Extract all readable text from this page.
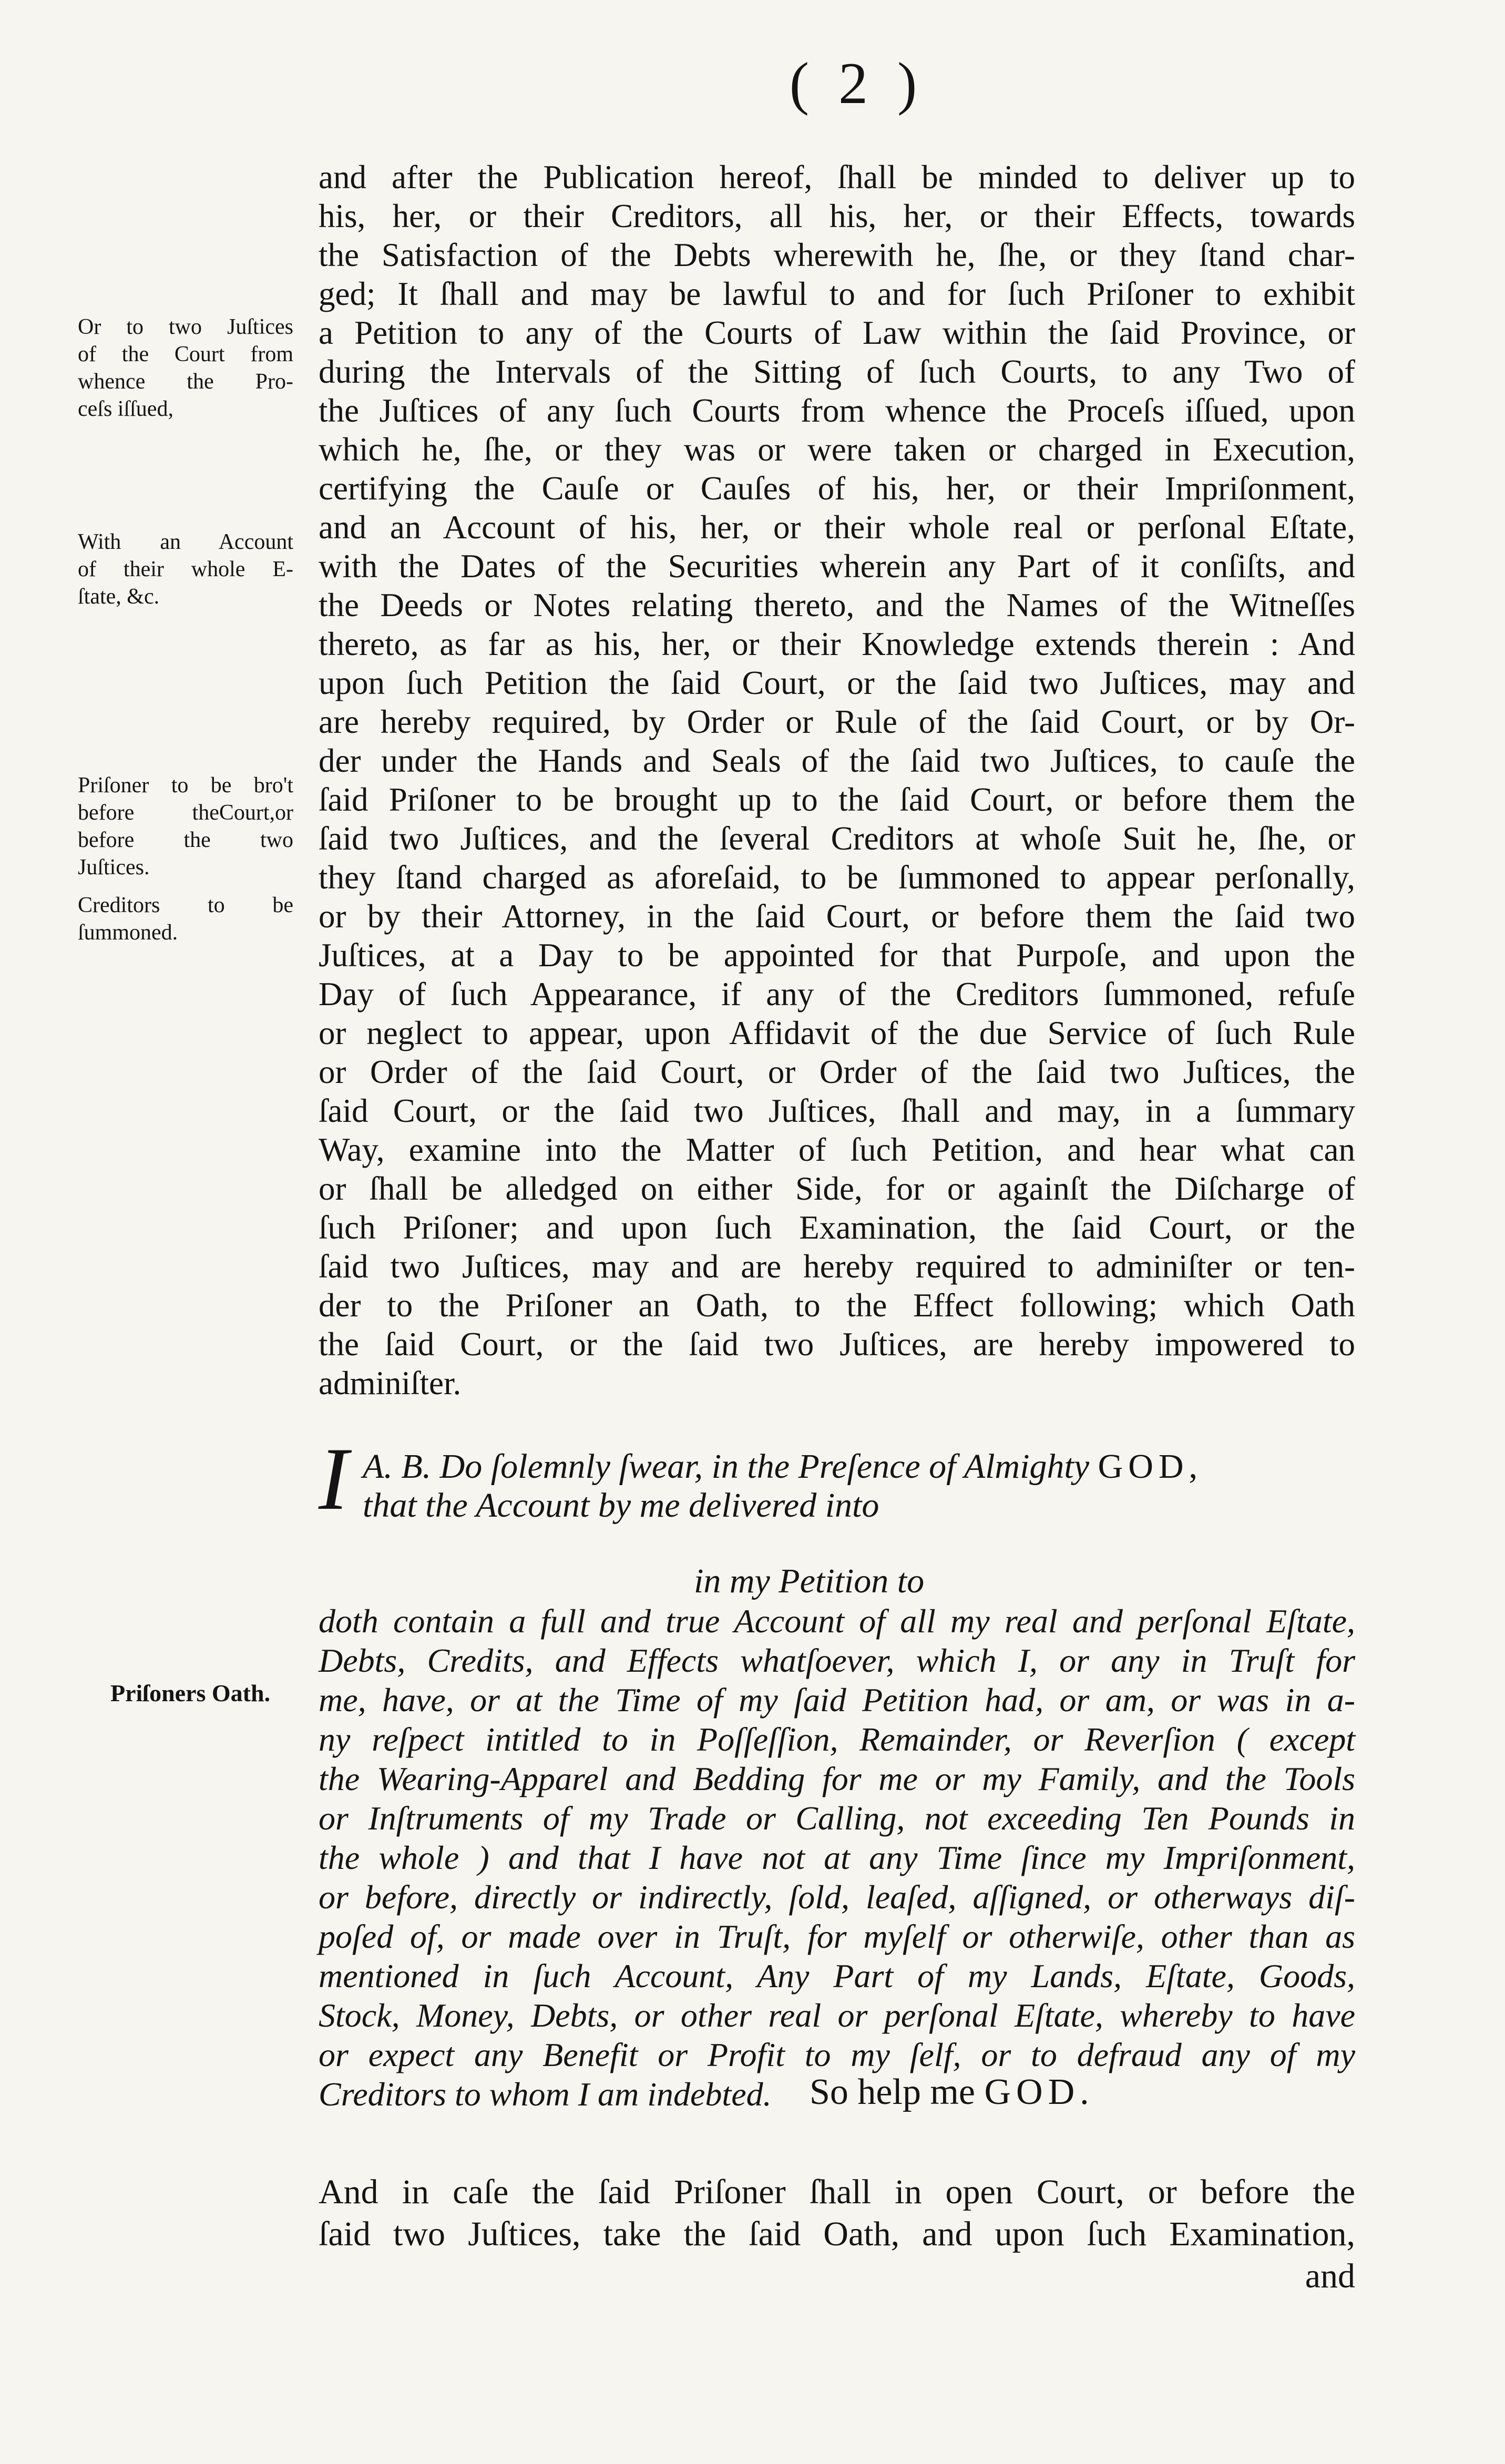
( 2 )
Or to two Juſtices
of the Court from
whence the Pro-
ceſs iſſued,
With an Account
of their whole E-
ſtate, &c.
Priſoner to be bro't
before theCourt,or
before the two
Juſtices.
Creditors to be
ſummoned.
Priſoners Oath.
and after the Publication hereof, ſhall be minded to deliver up to
his, her, or their Creditors, all his, her, or their Effects, towards
the Satisfaction of the Debts wherewith he, ſhe, or they ſtand char-
ged; It ſhall and may be lawful to and for ſuch Priſoner to exhibit
a Petition to any of the Courts of Law within the ſaid Province, or
during the Intervals of the Sitting of ſuch Courts, to any Two of
the Juſtices of any ſuch Courts from whence the Proceſs iſſued, upon
which he, ſhe, or they was or were taken or charged in Execution,
certifying the Cauſe or Cauſes of his, her, or their Impriſonment,
and an Account of his, her, or their whole real or perſonal Eſtate,
with the Dates of the Securities wherein any Part of it conſiſts, and
the Deeds or Notes relating thereto, and the Names of the Witneſſes
thereto, as far as his, her, or their Knowledge extends therein : And
upon ſuch Petition the ſaid Court, or the ſaid two Juſtices, may and
are hereby required, by Order or Rule of the ſaid Court, or by Or-
der under the Hands and Seals of the ſaid two Juſtices, to cauſe the
ſaid Priſoner to be brought up to the ſaid Court, or before them the
ſaid two Juſtices, and the ſeveral Creditors at whoſe Suit he, ſhe, or
they ſtand charged as aforeſaid, to be ſummoned to appear perſonally,
or by their Attorney, in the ſaid Court, or before them the ſaid two
Juſtices, at a Day to be appointed for that Purpoſe, and upon the
Day of ſuch Appearance, if any of the Creditors ſummoned, refuſe
or neglect to appear, upon Affidavit of the due Service of ſuch Rule
or Order of the ſaid Court, or Order of the ſaid two Juſtices, the
ſaid Court, or the ſaid two Juſtices, ſhall and may, in a ſummary
Way, examine into the Matter of ſuch Petition, and hear what can
or ſhall be alledged on either Side, for or againſt the Diſcharge of
ſuch Priſoner; and upon ſuch Examination, the ſaid Court, or the
ſaid two Juſtices, may and are hereby required to adminiſter or ten-
der to the Priſoner an Oath, to the Effect following; which Oath
the ſaid Court, or the ſaid two Juſtices, are hereby impowered to
adminiſter.
I A. B. Do ſolemnly ſwear, in the Preſence of Almighty GOD,
that the Account by me delivered into
in my Petition to
doth contain a full and true Account of all my real and perſonal Eſtate,
Debts, Credits, and Effects whatſoever, which I, or any in Truſt for
me, have, or at the Time of my ſaid Petition had, or am, or was in a-
ny reſpect intitled to in Poſſeſſion, Remainder, or Reverſion ( except
the Wearing-Apparel and Bedding for me or my Family, and the Tools
or Inſtruments of my Trade or Calling, not exceeding Ten Pounds in
the whole ) and that I have not at any Time ſince my Impriſonment,
or before, directly or indirectly, ſold, leaſed, aſſigned, or otherways diſ-
poſed of, or made over in Truſt, for myſelf or otherwiſe, other than as
mentioned in ſuch Account, Any Part of my Lands, Eſtate, Goods,
Stock, Money, Debts, or other real or perſonal Eſtate, whereby to have
or expect any Benefit or Profit to my ſelf, or to defraud any of my
Creditors to whom I am indebted.	So help me GOD.
And in caſe the ſaid Priſoner ſhall in open Court, or before the
ſaid two Juſtices, take the ſaid Oath, and upon ſuch Examination,
and
